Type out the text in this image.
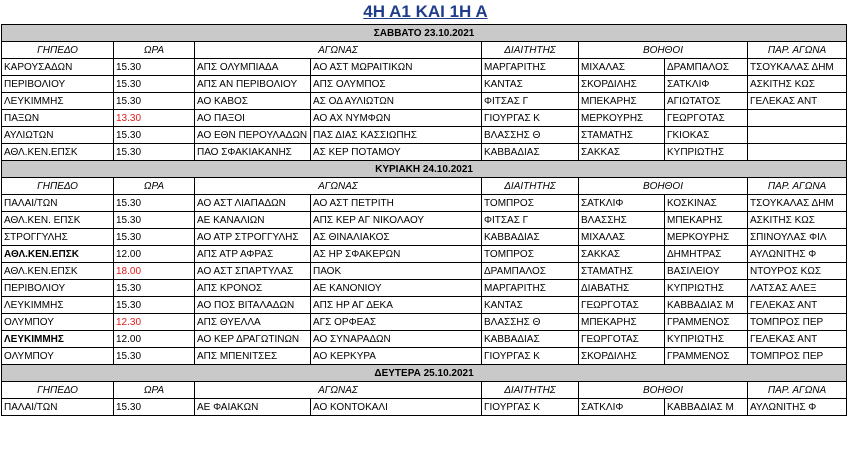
4Η Α1 ΚΑΙ 1Η Α
ΣΑΒΒΑΤΟ 23.10.2021							
ΓΗΠΕΔΟ	ΩΡΑ	ΑΓΩΝΑΣ		ΔΙΑΙΤΗΤΗΣ	ΒΟΗΘΟΙ		ΠΑΡ. ΑΓΩΝΑ
ΚΑΡΟΥΣΑΔΩΝ	15.30	ΑΠΣ ΟΛΥΜΠΙΑΔΑ	ΑΟ ΑΣΤ ΜΩΡΑΙΤΙΚΩΝ	ΜΑΡΓΑΡΙΤΗΣ	ΜΙΧΑΛΑΣ	ΔΡΑΜΠΑΛΟΣ	ΤΣΟΥΚΑΛΑΣ ΔΗΜ
ΠΕΡΙΒΟΛΙΟΥ	15.30	ΑΠΣ ΑΝ ΠΕΡΙΒΟΛΙΟΥ	ΑΠΣ ΟΛΥΜΠΟΣ	ΚΑΝΤΑΣ	ΣΚΟΡΔΙΛΗΣ	ΣΑΤΚΛΙΦ	ΑΣΚΙΤΗΣ ΚΩΣ
ΛΕΥΚΙΜΜΗΣ	15.30	ΑΟ ΚΑΒΟΣ	ΑΣ ΟΔ ΑΥΛΙΩΤΩΝ	ΦΙΤΣΑΣ Γ	ΜΠΕΚΑΡΗΣ	ΑΓΙΩΤΑΤΟΣ	ΓΕΛΕΚΑΣ ΑΝΤ
ΠΑΞΩΝ	13.30	ΑΟ ΠΑΞΟΙ	ΑΟ ΑΧ ΝΥΜΦΩΝ	ΓΙΟΥΡΓΑΣ Κ	ΜΕΡΚΟΥΡΗΣ	ΓΕΩΡΓΟΤΑΣ	
ΑΥΛΙΩΤΩΝ	15.30	ΑΟ ΕΘΝ ΠΕΡΟΥΛΑΔΩΝ	ΠΑΣ ΔΙΑΣ ΚΑΣΣΙΩΠΗΣ	ΒΛΑΣΣΗΣ Θ	ΣΤΑΜΑΤΗΣ	ΓΚΙΟΚΑΣ	
ΑΘΛ.ΚΕΝ.ΕΠΣΚ	15.30	ΠΑΟ ΣΦΑΚΙΑΚΑΝΗΣ	ΑΣ ΚΕΡ ΠΟΤΑΜΟΥ	ΚΑΒΒΑΔΙΑΣ	ΣΑΚΚΑΣ	ΚΥΠΡΙΩΤΗΣ	
ΚΥΡΙΑΚΗ 24.10.2021							
ΓΗΠΕΔΟ	ΩΡΑ	ΑΓΩΝΑΣ		ΔΙΑΙΤΗΤΗΣ	ΒΟΗΘΟΙ		ΠΑΡ. ΑΓΩΝΑ
ΠΑΛΑΙ/ΤΩΝ	15.30	ΑΟ ΑΣΤ ΛΙΑΠΑΔΩΝ	ΑΟ ΑΣΤ ΠΕΤΡΙΤΗ	ΤΟΜΠΡΟΣ	ΣΑΤΚΛΙΦ	ΚΟΣΚΙΝΑΣ	ΤΣΟΥΚΑΛΑΣ ΔΗΜ
ΑΘΛ.ΚΕΝ. ΕΠΣΚ	15.30	ΑΕ ΚΑΝΑΛΙΩΝ	ΑΠΣ ΚΕΡ ΑΓ ΝΙΚΟΛΑΟΥ	ΦΙΤΣΑΣ Γ	ΒΛΑΣΣΗΣ	ΜΠΕΚΑΡΗΣ	ΑΣΚΙΤΗΣ ΚΩΣ
ΣΤΡΟΓΓΥΛΗΣ	15.30	ΑΟ ΑΤΡ ΣΤΡΟΓΓΥΛΗΣ	ΑΣ ΘΙΝΑΛΙΑΚΟΣ	ΚΑΒΒΑΔΙΑΣ	ΜΙΧΑΛΑΣ	ΜΕΡΚΟΥΡΗΣ	ΣΠΙΝΟΥΛΑΣ ΦΙΛ
ΑΘΛ.ΚΕΝ.ΕΠΣΚ	12.00	ΑΠΣ ΑΤΡ ΑΦΡΑΣ	ΑΣ ΗΡ ΣΦΑΚΕΡΩΝ	ΤΟΜΠΡΟΣ	ΣΑΚΚΑΣ	ΔΗΜΗΤΡΑΣ	ΑΥΛΩΝΙΤΗΣ Φ
ΑΘΛ.ΚΕΝ.ΕΠΣΚ	18.00	ΑΟ ΑΣΤ ΣΠΑΡΤΥΛΑΣ	ΠΑΟΚ	ΔΡΑΜΠΑΛΟΣ	ΣΤΑΜΑΤΗΣ	ΒΑΣΙΛΕΙΟΥ	ΝΤΟΥΡΟΣ ΚΩΣ
ΠΕΡΙΒΟΛΙΟΥ	15.30	ΑΠΣ ΚΡΟΝΟΣ	ΑΕ ΚΑΝΟΝΙΟΥ	ΜΑΡΓΑΡΙΤΗΣ	ΔΙΑΒΑΤΗΣ	ΚΥΠΡΙΩΤΗΣ	ΛΑΤΣΑΣ ΑΛΕΞ
ΛΕΥΚΙΜΜΗΣ	15.30	ΑΟ ΠΟΣ ΒΙΤΑΛΑΔΩΝ	ΑΠΣ ΗΡ ΑΓ ΔΕΚΑ	ΚΑΝΤΑΣ	ΓΕΩΡΓΟΤΑΣ	ΚΑΒΒΑΔΙΑΣ Μ	ΓΕΛΕΚΑΣ ΑΝΤ
ΟΛΥΜΠΟΥ	12.30	ΑΠΣ ΘΥΕΛΛΑ	ΑΓΣ ΟΡΦΕΑΣ	ΒΛΑΣΣΗΣ Θ	ΜΠΕΚΑΡΗΣ	ΓΡΑΜΜΕΝΟΣ	ΤΟΜΠΡΟΣ ΠΕΡ
ΛΕΥΚΙΜΜΗΣ	12.00	ΑΟ ΚΕΡ ΔΡΑΓΩΤΙΝΩΝ	ΑΟ ΣΥΝΑΡΑΔΩΝ	ΚΑΒΒΑΔΙΑΣ	ΓΕΩΡΓΟΤΑΣ	ΚΥΠΡΙΩΤΗΣ	ΓΕΛΕΚΑΣ ΑΝΤ
ΟΛΥΜΠΟΥ	15.30	ΑΠΣ ΜΠΕΝΙΤΣΕΣ	ΑΟ ΚΕΡΚΥΡΑ	ΓΙΟΥΡΓΑΣ Κ	ΣΚΟΡΔΙΛΗΣ	ΓΡΑΜΜΕΝΟΣ	ΤΟΜΠΡΟΣ ΠΕΡ
ΔΕΥΤΕΡΑ 25.10.2021							
ΓΗΠΕΔΟ	ΩΡΑ	ΑΓΩΝΑΣ		ΔΙΑΙΤΗΤΗΣ	ΒΟΗΘΟΙ		ΠΑΡ. ΑΓΩΝΑ
ΠΑΛΑΙ/ΤΩΝ	15.30	ΑΕ ΦΑΙΑΚΩΝ	ΑΟ ΚΟΝΤΟΚΑΛΙ	ΓΙΟΥΡΓΑΣ Κ	ΣΑΤΚΛΙΦ	ΚΑΒΒΑΔΙΑΣ Μ	ΑΥΛΩΝΙΤΗΣ Φ
